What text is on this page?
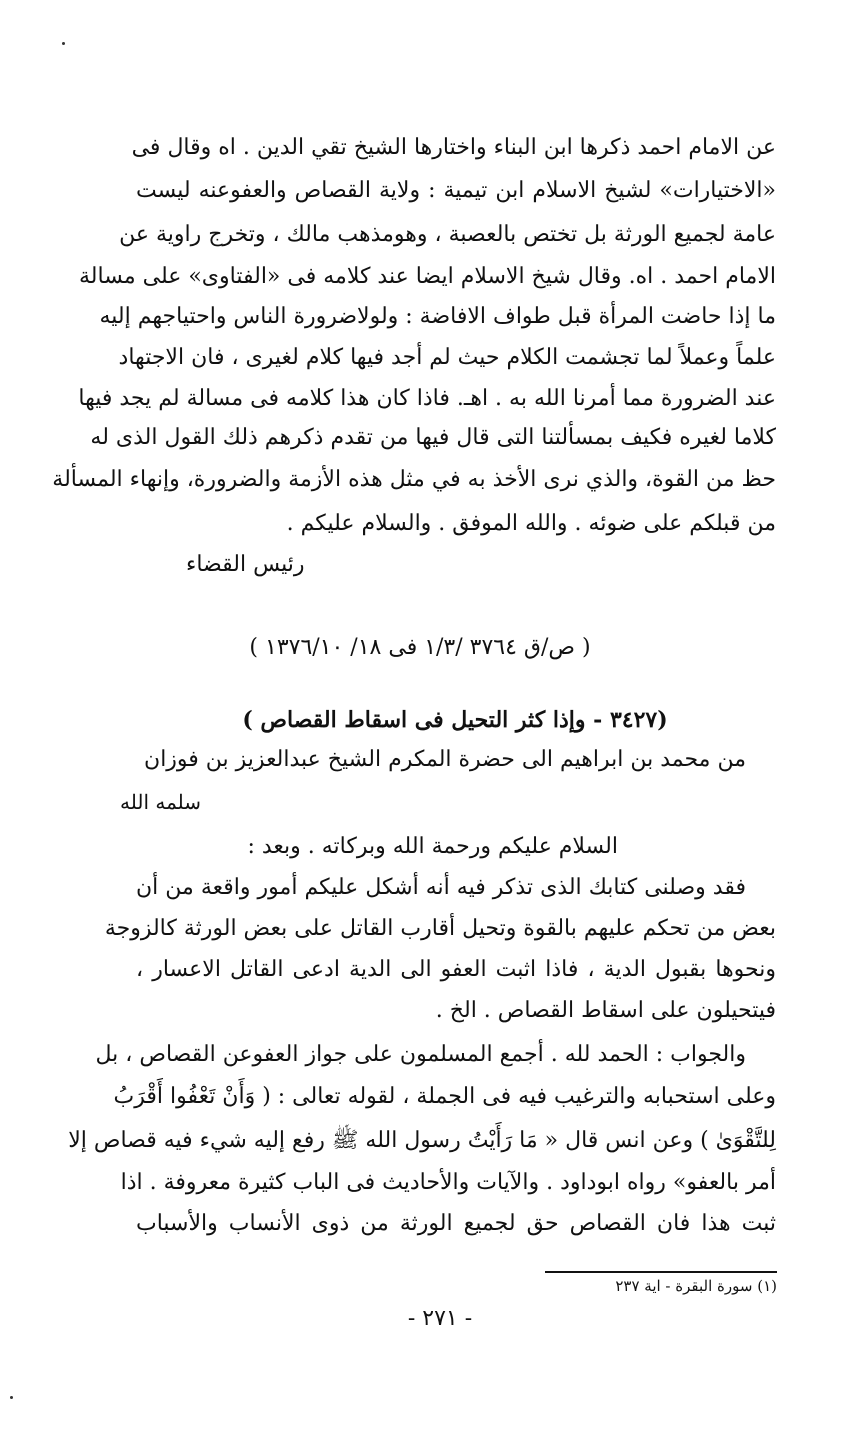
عن الامام احمد ذكرها ابن البناء واختارها الشيخ تقي الدين . اه وقال فى
«الاختيارات» لشيخ الاسلام ابن تيمية : ولاية القصاص والعفوعنه ليست
عامة لجميع الورثة بل تختص بالعصبة ، وهومذهب مالك ، وتخرج راوية عن
الامام احمد . اه. وقال شيخ الاسلام ايضا عند كلامه فى «الفتاوى» على مسالة
ما إذا حاضت المرأة قبل طواف الافاضة : ولولاضرورة الناس واحتياجهم إليه
علماً وعملاً لما تجشمت الكلام حيث لم أجد فيها كلام لغيرى ، فان الاجتهاد
عند الضرورة مما أمرنا الله به . اهـ. فاذا كان هذا كلامه فى مسالة لم يجد فيها
كلاما لغيره فكيف بمسألتنا التى قال فيها من تقدم ذكرهم ذلك القول الذى له
حظ من القوة، والذي نرى الأخذ به في مثل هذه الأزمة والضرورة، وإنهاء المسألة
من قبلكم على ضوئه . والله الموفق . والسلام عليكم .
رئيس القضاء
( ص/ق ٣٧٦٤ /١/٣ فى ١٨/ ١٣٧٦/١٠ )
(٣٤٢٧ - وإذا كثر التحيل فى اسقاط القصاص )
من محمد بن ابراهيم الى حضرة المكرم الشيخ عبدالعزيز بن فوزان
سلمه الله
السلام عليكم ورحمة الله وبركاته . وبعد :
فقد وصلنى كتابك الذى تذكر فيه أنه أشكل عليكم أمور واقعة من أن
بعض من تحكم عليهم بالقوة وتحيل أقارب القاتل على بعض الورثة كالزوجة
ونحوها بقبول الدية ، فاذا اثبت العفو الى الدية ادعى القاتل الاعسار ،
فيتحيلون على اسقاط القصاص . الخ .
والجواب : الحمد لله . أجمع المسلمون على جواز العفوعن القصاص ، بل
وعلى استحبابه والترغيب فيه فى الجملة ، لقوله تعالى : ( وَأَنْ تَعْفُوا أَقْرَبُ
لِلتَّقْوَىٰ ) وعن انس قال « مَا رَأَيْتُ رسول الله ﷺ رفع إليه شيء فيه قصاص إلا
أمر بالعفو» رواه ابوداود . والآيات والأحاديث فى الباب كثيرة معروفة . اذا
ثبت هذا فان القصاص حق لجميع الورثة من ذوى الأنساب والأسباب
(١) سورة البقرة - اية ٢٣٧
- ٢٧١ -
